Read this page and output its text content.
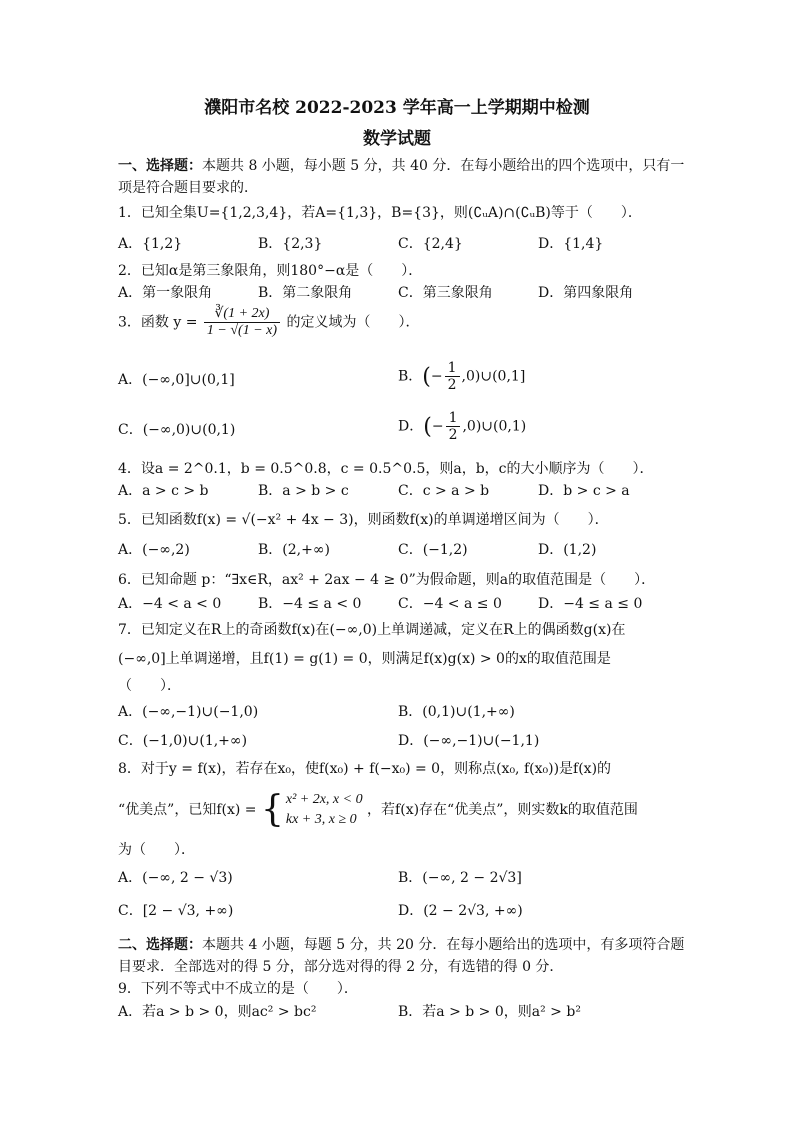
濮阳市名校 2022-2023 学年高一上学期期中检测
数学试题
一、选择题：本题共 8 小题，每小题 5 分，共 40 分．在每小题给出的四个选项中，只有一
项是符合题目要求的．
1．已知全集U={1,2,3,4}，若A={1,3}，B={3}，则(∁ᵤA)∩(∁ᵤB)等于（　　）．
A．{1,2}	B．{2,3}	C．{2,4}	D．{1,4}
2．已知α是第三象限角，则180°−α是（　　）．
A．第一象限角	B．第二象限角	C．第三象限角	D．第四象限角
3．函数 $y = \frac{∛(1 + 2x)}{1 - √(1 - x)}$ 的定义域为（　　）．
A．(−∞,0]∪(0,1]	B．(− $\frac{1}{2}$ ,0)∪(0,1]
C．(−∞,0)∪(0,1)	D．(− $\frac{1}{2}$ ,0)∪(0,1)
4．设a = 2^0.1，b = 0.5^0.8，c = 0.5^0.5，则a，b，c的大小顺序为（　　）．
A．a > c > b	B．a > b > c	C．c > a > b	D．b > c > a
5．已知函数f(x) = √(−x² + 4x − 3)，则函数f(x)的单调递增区间为（　　）．
A．(−∞,2)	B．(2,+∞)	C．(−1,2)	D．(1,2)
6．已知命题 p：“∃x∈R，ax² + 2ax − 4 ≥ 0”为假命题，则a的取值范围是（　　）．
A．−4 < a < 0	B．−4 ≤ a < 0	C．−4 < a ≤ 0	D．−4 ≤ a ≤ 0
7．已知定义在R上的奇函数f(x)在(−∞,0)上单调递减，定义在R上的偶函数g(x)在
(−∞,0]上单调递增，且f(1) = g(1) = 0，则满足f(x)g(x) > 0的x的取值范围是
（　　）．
A．(−∞,−1)∪(−1,0)	B．(0,1)∪(1,+∞)
C．(−1,0)∪(1,+∞)	D．(−∞,−1)∪(−1,1)
8．对于y = f(x)，若存在x₀，使f(x₀) + f(−x₀) = 0，则称点(x₀, f(x₀))是f(x)的
“优美点”，已知f(x) = { x² + 2x, x < 0
kx + 3, x ≥ 0
，若f(x)存在“优美点”，则实数k的取值范围
为（　　）．
A．(−∞, 2 − √3)	B．(−∞, 2 − 2√3]
C．[2 − √3, +∞)	D．(2 − 2√3, +∞)
二、选择题：本题共 4 小题，每题 5 分，共 20 分．在每小题给出的选项中，有多项符合题
目要求．全部选对的得 5 分，部分选对得的得 2 分，有选错的得 0 分．
9．下列不等式中不成立的是（　　）．
A．若a > b > 0，则ac² > bc²	B．若a > b > 0，则a² > b²
